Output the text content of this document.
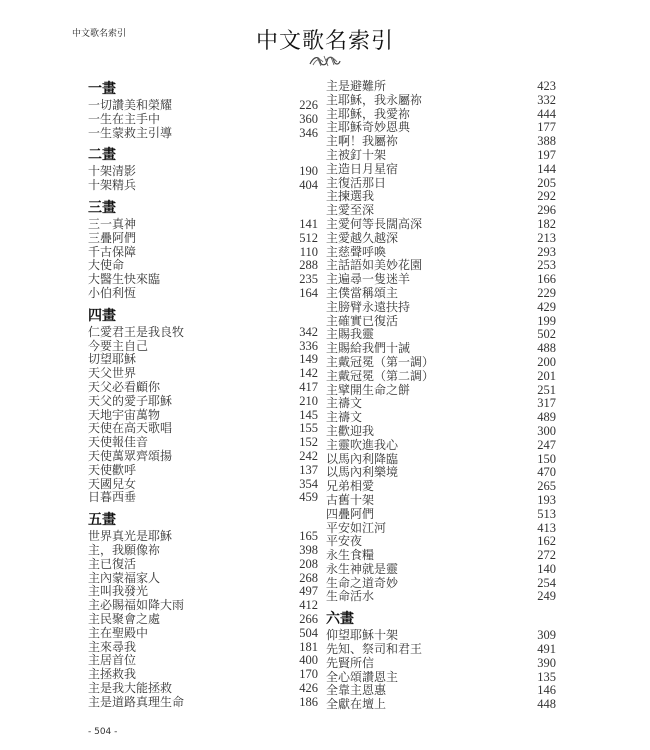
中文歌名索引	中文歌名索引
一畫
一切讚美和榮耀	226
一生在主手中	360
一生蒙救主引導	346
二畫
十架清影	190
十架精兵	404
三畫
三一真神	141
三疊阿們	512
千古保障	110
大使命	288
大醫生快來臨	235
小伯利恆	164
四畫
仁愛君王是我良牧	342
今要主自己	336
切望耶穌	149
天父世界	142
天父必看顧你	417
天父的愛子耶穌	210
天地宇宙萬物	145
天使在高天歌唱	155
天使報佳音	152
天使萬眾齊頌揚	242
天使歡呼	137
天國兒女	354
日暮西垂	459
五畫
世界真光是耶穌	165
主，我願像祢	398
主已復活	208
主內蒙福家人	268
主叫我發光	497
主必賜福如降大雨	412
主民聚會之處	266
主在聖殿中	504
主來尋我	181
主居首位	400
主拯救我	170
主是我大能拯救	426
主是道路真理生命	186
主是避難所	423
主耶穌，我永屬祢	332
主耶穌，我愛祢	444
主耶穌奇妙恩典	177
主啊！我屬祢	388
主被釘十架	197
主造日月星宿	144
主復活那日	205
主揀選我	292
主愛至深	296
主愛何等長闊高深	182
主愛越久越深	213
主慈聲呼喚	293
主話語如美妙花園	253
主遍尋一隻迷羊	166
主僕當稱頌主	229
主膀臂永遠扶持	429
主確實已復活	199
主賜我靈	502
主賜給我們十誡	488
主戴冠冕（第一調）	200
主戴冠冕（第二調）	201
主擘開生命之餅	251
主禱文	317
主禱文	489
主歡迎我	300
主靈吹進我心	247
以馬內利降臨	150
以馬內利樂境	470
兄弟相愛	265
古舊十架	193
四疊阿們	513
平安如江河	413
平安夜	162
永生食糧	272
永生神就是靈	140
生命之道奇妙	254
生命活水	249
六畫
仰望耶穌十架	309
先知、祭司和君王	491
先賢所信	390
全心頌讚恩主	135
全靠主恩惠	146
全獻在壇上	448
- 504 -
